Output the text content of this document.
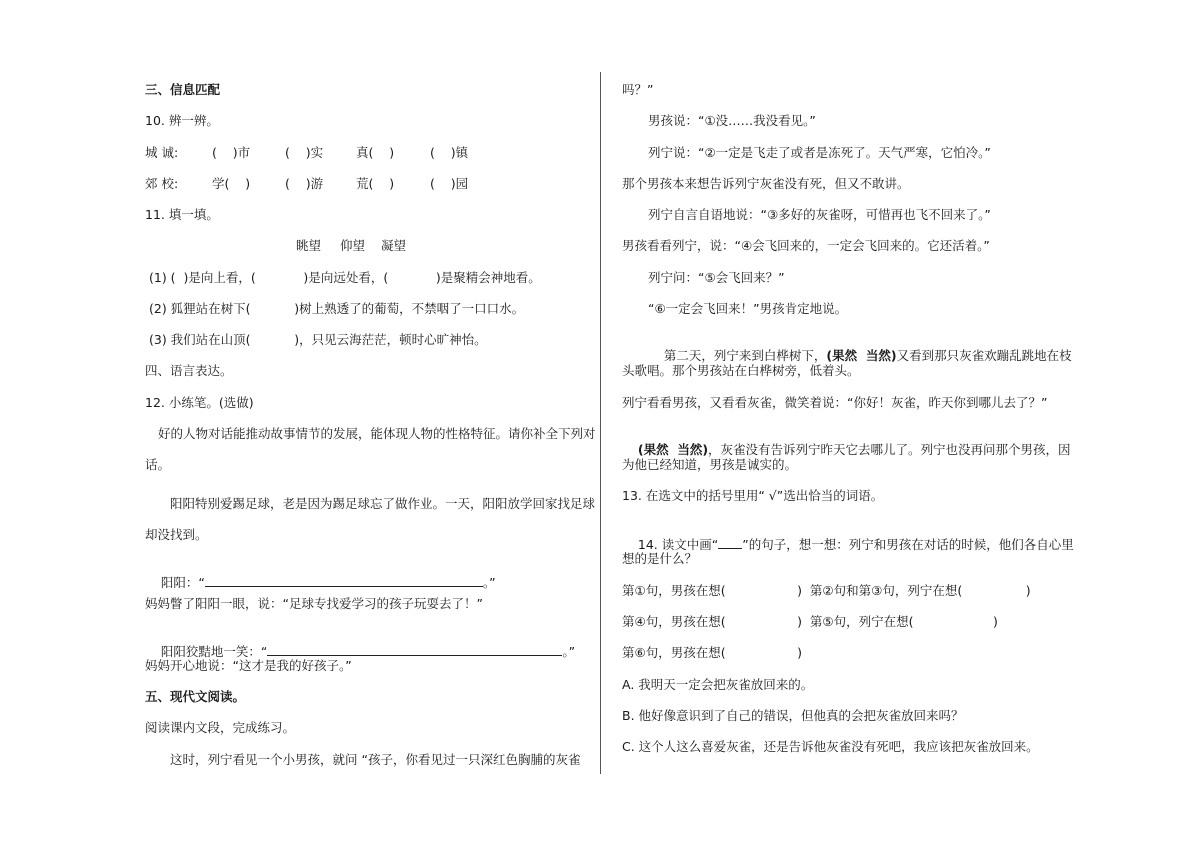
三、信息匹配
10. 辨一辨。
城 诚:	(    )市	(    )实	真(    )	(    )镇
郊 校:	学(    )	(    )游	荒(    )	(    )园
11. 填一填。
眺望 仰望 凝望
(1) (  )是向上看，(            )是向远处看，(            )是聚精会神地看。
(2) 狐狸站在树下(           )树上熟透了的葡萄，不禁咽了一口口水。
(3) 我们站在山顶(           )，只见云海茫茫，顿时心旷神怡。
四、语言表达。
12. 小练笔。(选做)
好的人物对话能推动故事情节的发展，能体现人物的性格特征。请你补全下列对
话。
阳阳特别爱踢足球，老是因为踢足球忘了做作业。一天，阳阳放学回家找足球
却没找到。

阳阳：“	。”

妈妈瞥了阳阳一眼，说：“足球专找爱学习的孩子玩耍去了！”

阳阳狡黠地一笑：“	。”

妈妈开心地说：“这才是我的好孩子。”
五、现代文阅读。
阅读课内文段，完成练习。
这时，列宁看见一个小男孩，就问 “孩子，你看见过一只深红色胸脯的灰雀
吗？”
男孩说：“①没……我没看见。”
列宁说：“②一定是飞走了或者是冻死了。天气严寒，它怕冷。”
那个男孩本来想告诉列宁灰雀没有死，但又不敢讲。
列宁自言自语地说：“③多好的灰雀呀，可惜再也飞不回来了。”
男孩看看列宁，说：“④会飞回来的，一定会飞回来的。它还活着。”
列宁问：“⑤会飞回来？”
“⑥一定会飞回来！”男孩肯定地说。

第二天，列宁来到白桦树下，(果然  当然)又看到那只灰雀欢蹦乱跳地在枝

头歌唱。那个男孩站在白桦树旁，低着头。
列宁看看男孩，又看看灰雀，微笑着说：“你好！灰雀，昨天你到哪儿去了？”

(果然  当然)，灰雀没有告诉列宁昨天它去哪儿了。列宁也没再问那个男孩，因

为他已经知道，男孩是诚实的。
13. 在选文中的括号里用“ √”选出恰当的词语。

14. 读文中画“ ”的句子，想一想：列宁和男孩在对话的时候，他们各自心里

想的是什么？
第①句，男孩在想(                  )  第②句和第③句，列宁在想(                )
第④句，男孩在想(                  )  第⑤句，列宁在想(                    )
第⑥句，男孩在想(                  )
A. 我明天一定会把灰雀放回来的。
B. 他好像意识到了自己的错误，但他真的会把灰雀放回来吗？
C. 这个人这么喜爱灰雀，还是告诉他灰雀没有死吧，我应该把灰雀放回来。
